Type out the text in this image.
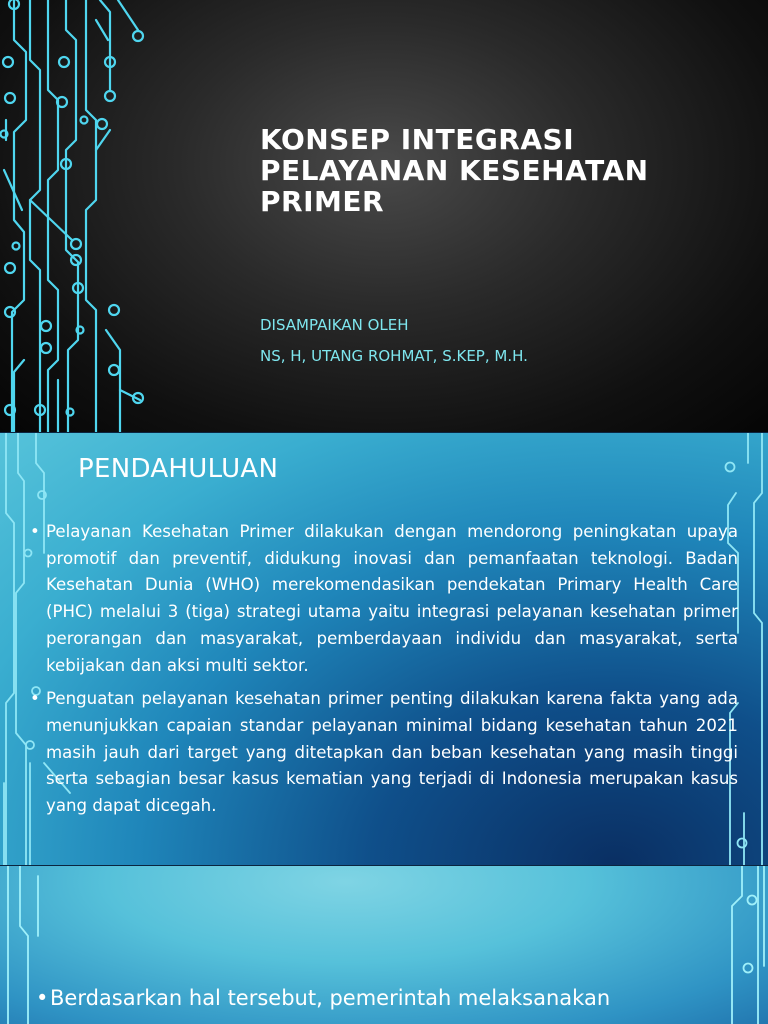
KONSEP INTEGRASI
PELAYANAN KESEHATAN
PRIMER
DISAMPAIKAN OLEH
NS, H, UTANG ROHMAT, S.KEP, M.H.
PENDAHULUAN
• Pelayanan Kesehatan Primer dilakukan dengan mendorong peningkatan upaya promotif dan preventif, didukung inovasi dan pemanfaatan teknologi. Badan Kesehatan Dunia (WHO) merekomendasikan pendekatan Primary Health Care (PHC) melalui 3 (tiga) strategi utama yaitu integrasi pelayanan kesehatan primer perorangan dan masyarakat, pemberdayaan individu dan masyarakat, serta kebijakan dan aksi multi sektor.
• Penguatan pelayanan kesehatan primer penting dilakukan karena fakta yang ada menunjukkan capaian standar pelayanan minimal bidang kesehatan tahun 2021 masih jauh dari target yang ditetapkan dan beban kesehatan yang masih tinggi serta sebagian besar kasus kematian yang terjadi di Indonesia merupakan kasus yang dapat dicegah.
• Berdasarkan hal tersebut, pemerintah melaksanakan
